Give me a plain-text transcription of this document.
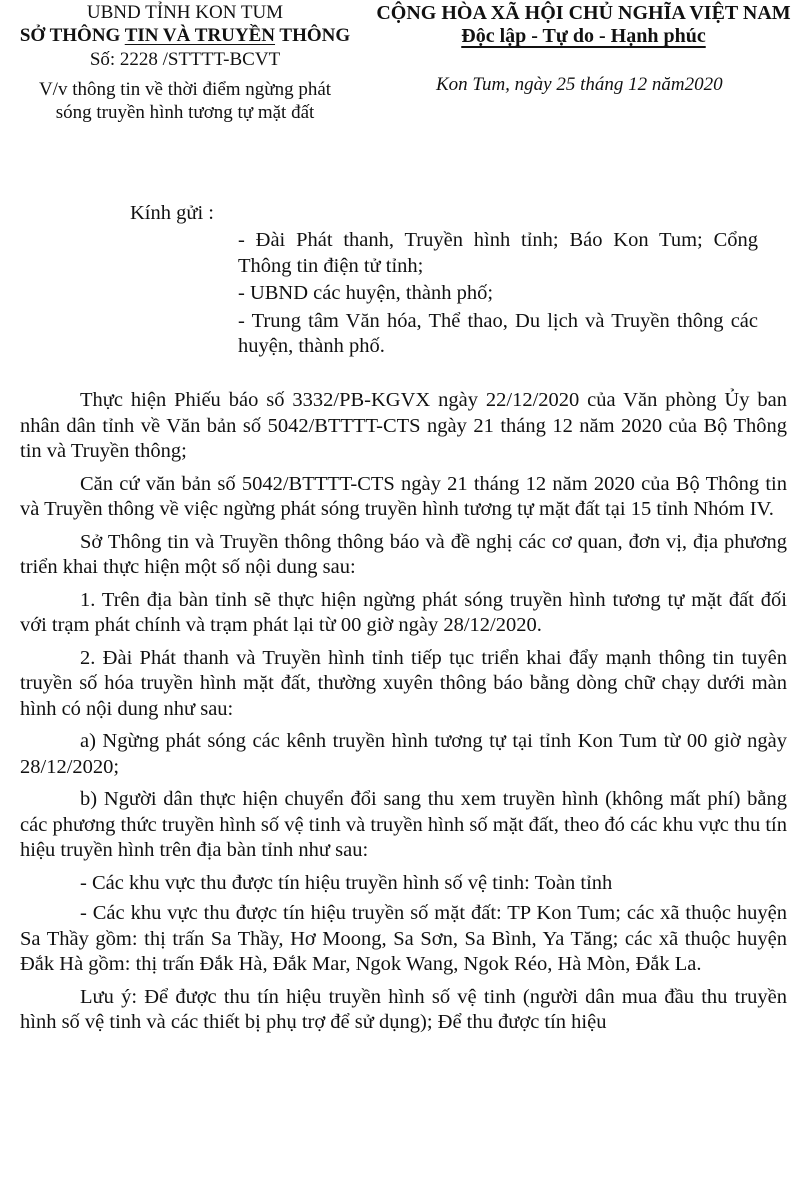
UBND TỈNH KON TUM
SỞ THÔNG TIN VÀ TRUYỀN THÔNG
Số: 2228 /STTTT-BCVT
V/v thông tin về thời điểm ngừng phát
sóng truyền hình tương tự mặt đất
CỘNG HÒA XÃ HỘI CHỦ NGHĨA VIỆT NAM
Độc lập - Tự do - Hạnh phúc
Kon Tum, ngày 25 tháng 12 năm2020
Kính gửi :
- Đài Phát thanh, Truyền hình tỉnh; Báo Kon Tum; Cổng Thông tin điện tử tỉnh;
- UBND các huyện, thành phố;
- Trung tâm Văn hóa, Thể thao, Du lịch và Truyền thông các huyện, thành phố.

Thực hiện Phiếu báo số 3332/PB-KGVX ngày 22/12/2020 của Văn phòng Ủy ban nhân dân tỉnh về Văn bản số 5042/BTTTT-CTS ngày 21 tháng 12 năm 2020 của Bộ Thông tin và Truyền thông;

Căn cứ văn bản số 5042/BTTTT-CTS ngày 21 tháng 12 năm 2020 của Bộ Thông tin và Truyền thông về việc ngừng phát sóng truyền hình tương tự mặt đất tại 15 tỉnh Nhóm IV.

Sở Thông tin và Truyền thông thông báo và đề nghị các cơ quan, đơn vị, địa phương triển khai thực hiện một số nội dung sau:

1. Trên địa bàn tỉnh sẽ thực hiện ngừng phát sóng truyền hình tương tự mặt đất đối với trạm phát chính và trạm phát lại từ 00 giờ ngày 28/12/2020.

2. Đài Phát thanh và Truyền hình tỉnh tiếp tục triển khai đẩy mạnh thông tin tuyên truyền số hóa truyền hình mặt đất, thường xuyên thông báo bằng dòng chữ chạy dưới màn hình có nội dung như sau:

a) Ngừng phát sóng các kênh truyền hình tương tự tại tỉnh Kon Tum từ 00 giờ ngày 28/12/2020;

b) Người dân thực hiện chuyển đổi sang thu xem truyền hình (không mất phí) bằng các phương thức truyền hình số vệ tinh và truyền hình số mặt đất, theo đó các khu vực thu tín hiệu truyền hình trên địa bàn tỉnh như sau:

- Các khu vực thu được tín hiệu truyền hình số vệ tinh: Toàn tỉnh

- Các khu vực thu được tín hiệu truyền số mặt đất: TP Kon Tum; các xã thuộc huyện Sa Thầy gồm: thị trấn Sa Thầy, Hơ Moong, Sa Sơn, Sa Bình, Ya Tăng; các xã thuộc huyện Đắk Hà gồm: thị trấn Đắk Hà, Đắk Mar, Ngok Wang, Ngok Réo, Hà Mòn, Đắk La.

Lưu ý: Để được thu tín hiệu truyền hình số vệ tinh (người dân mua đầu thu truyền hình số vệ tinh và các thiết bị phụ trợ để sử dụng); Để thu được tín hiệu
